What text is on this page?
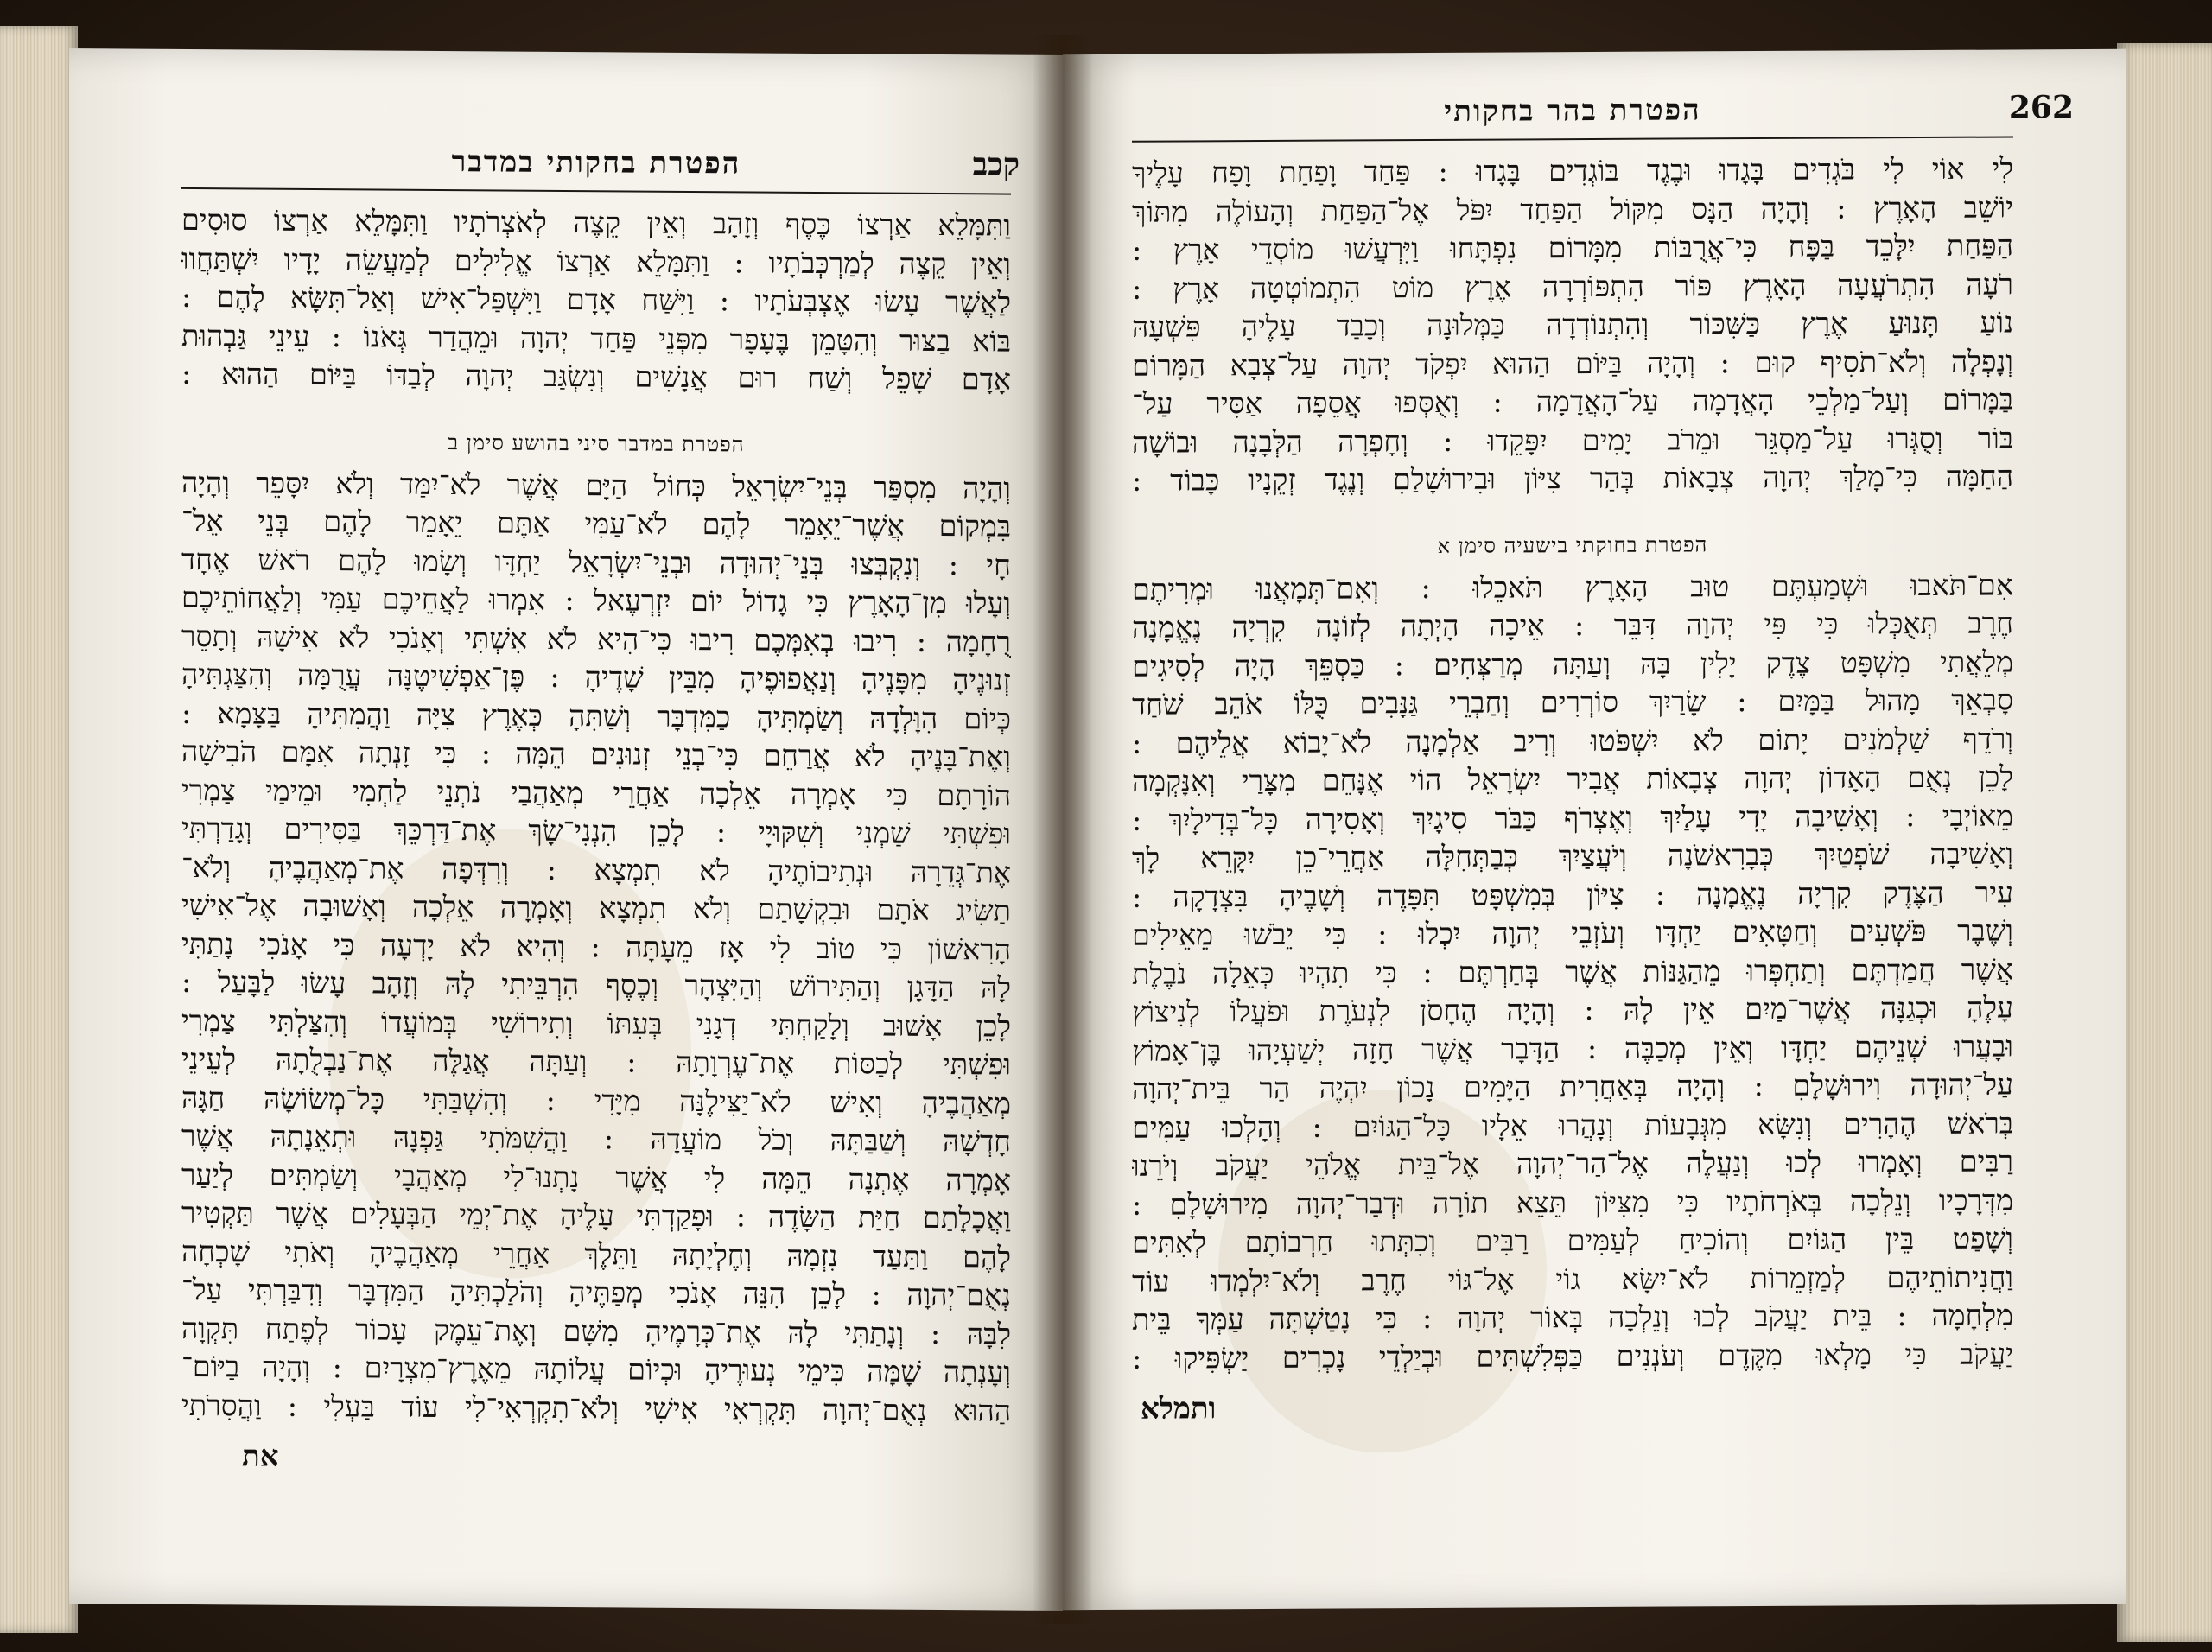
הפטרת בחקותי במדבר	קכב
וַתִּמָּלֵא אַרְצוֹ כֶּסֶף וְזָהָב וְאֵין קֵצֶה לְאֹצְרֹתָיו וַתִּמָּלֵא אַרְצוֹ סוּסִים
וְאֵין קֵצֶה לְמַרְכְּבֹתָיו : וַתִּמָּלֵא אַרְצוֹ אֱלִילִים לְמַעֲשֵׂה יָדָיו יִשְׁתַּחֲווּ
לַאֲשֶׁר עָשׂוּ אֶצְבְּעֹתָיו : וַיִּשַּׁח אָדָם וַיִּשְׁפַּל־אִישׁ וְאַל־תִּשָּׂא לָהֶם :
בּוֹא בַצּוּר וְהִטָּמֵן בֶּעָפָר מִפְּנֵי פַּחַד יְהוָה וּמֵהֲדַר גְּאֹנוֹ : עֵינֵי גַּבְהוּת
אָדָם שָׁפֵל וְשַׁח רוּם אֲנָשִׁים וְנִשְׂגַּב יְהוָה לְבַדּוֹ בַּיּוֹם הַהוּא :
הפטרת במדבר סיני בהושע סימן ב
וְהָיָה מִסְפַּר בְּנֵי־יִשְׂרָאֵל כְּחוֹל הַיָּם אֲשֶׁר לֹא־יִמַּד וְלֹא יִסָּפֵר וְהָיָה
בִּמְקוֹם אֲשֶׁר־יֵאָמֵר לָהֶם לֹא־עַמִּי אַתֶּם יֵאָמֵר לָהֶם בְּנֵי אֵל־
חָי : וְנִקְבְּצוּ בְּנֵי־יְהוּדָה וּבְנֵי־יִשְׂרָאֵל יַחְדָּו וְשָׂמוּ לָהֶם רֹאשׁ אֶחָד
וְעָלוּ מִן־הָאָרֶץ כִּי גָדוֹל יוֹם יִזְרְעֶאל : אִמְרוּ לַאֲחֵיכֶם עַמִּי וְלַאֲחוֹתֵיכֶם
רֻחָמָה : רִיבוּ בְאִמְּכֶם רִיבוּ כִּי־הִיא לֹא אִשְׁתִּי וְאָנֹכִי לֹא אִישָׁהּ וְתָסֵר
זְנוּנֶיהָ מִפָּנֶיהָ וְנַאֲפוּפֶיהָ מִבֵּין שָׁדֶיהָ : פֶּן־אַפְשִׁיטֶנָּה עֲרֻמָּה וְהִצַּגְתִּיהָ
כְּיוֹם הִוָּלְדָהּ וְשַׂמְתִּיהָ כַמִּדְבָּר וְשַׁתִּהָ כְּאֶרֶץ צִיָּה וַהֲמִתִּיהָ בַּצָּמָא :
וְאֶת־בָּנֶיהָ לֹא אֲרַחֵם כִּי־בְנֵי זְנוּנִים הֵמָּה : כִּי זָנְתָה אִמָּם הֹבִישָׁה
הוֹרָתָם כִּי אָמְרָה אֵלְכָה אַחֲרֵי מְאַהֲבַי נֹתְנֵי לַחְמִי וּמֵימַי צַמְרִי
וּפִשְׁתִּי שַׁמְנִי וְשִׁקּוּיָי : לָכֵן הִנְנִי־שָׂךְ אֶת־דַּרְכֵּךְ בַּסִּירִים וְגָדַרְתִּי
אֶת־גְּדֵרָהּ וּנְתִיבוֹתֶיהָ לֹא תִמְצָא : וְרִדְּפָה אֶת־מְאַהֲבֶיהָ וְלֹא־
תַשִּׂיג אֹתָם וּבִקְשָׁתַם וְלֹא תִמְצָא וְאָמְרָה אֵלְכָה וְאָשׁוּבָה אֶל־אִישִׁי
הָרִאשׁוֹן כִּי טוֹב לִי אָז מֵעָתָּה : וְהִיא לֹא יָדְעָה כִּי אָנֹכִי נָתַתִּי
לָהּ הַדָּגָן וְהַתִּירוֹשׁ וְהַיִּצְהָר וְכֶסֶף הִרְבֵּיתִי לָהּ וְזָהָב עָשׂוּ לַבָּעַל :
לָכֵן אָשׁוּב וְלָקַחְתִּי דְגָנִי בְּעִתּוֹ וְתִירוֹשִׁי בְּמוֹעֲדוֹ וְהִצַּלְתִּי צַמְרִי
וּפִשְׁתִּי לְכַסּוֹת אֶת־עֶרְוָתָהּ : וְעַתָּה אֲגַלֶּה אֶת־נַבְלֻתָהּ לְעֵינֵי
מְאַהֲבֶיהָ וְאִישׁ לֹא־יַצִּילֶנָּה מִיָּדִי : וְהִשְׁבַּתִּי כָּל־מְשׂוֹשָׂהּ חַגָּהּ
חָדְשָׁהּ וְשַׁבַּתָּהּ וְכֹל מוֹעֲדָהּ : וַהֲשִׁמֹּתִי גַּפְנָהּ וּתְאֵנָתָהּ אֲשֶׁר
אָמְרָה אֶתְנָה הֵמָּה לִי אֲשֶׁר נָתְנוּ־לִי מְאַהֲבָי וְשַׂמְתִּים לְיַעַר
וַאֲכָלָתַם חַיַּת הַשָּׂדֶה : וּפָקַדְתִּי עָלֶיהָ אֶת־יְמֵי הַבְּעָלִים אֲשֶׁר תַּקְטִיר
לָהֶם וַתַּעַד נִזְמָהּ וְחֶלְיָתָהּ וַתֵּלֶךְ אַחֲרֵי מְאַהֲבֶיהָ וְאֹתִי שָׁכְחָה
נְאֻם־יְהוָה : לָכֵן הִנֵּה אָנֹכִי מְפַתֶּיהָ וְהֹלַכְתִּיהָ הַמִּדְבָּר וְדִבַּרְתִּי עַל־
לִבָּהּ : וְנָתַתִּי לָהּ אֶת־כְּרָמֶיהָ מִשָּׁם וְאֶת־עֵמֶק עָכוֹר לְפֶתַח תִּקְוָה
וְעָנְתָה שָׁמָּה כִּימֵי נְעוּרֶיהָ וּכְיוֹם עֲלוֹתָהּ מֵאֶרֶץ־מִצְרָיִם : וְהָיָה בַיּוֹם־
הַהוּא נְאֻם־יְהוָה תִּקְרְאִי אִישִׁי וְלֹא־תִקְרְאִי־לִי עוֹד בַּעְלִי : וַהֲסִרֹתִי
את
הפטרת בהר בחקותי	262
לִי אוֹי לִי בֹּגְדִים בָּגָדוּ וּבֶגֶד בּוֹגְדִים בָּגָדוּ : פַּחַד וָפַחַת וָפָח עָלֶיךָ
יוֹשֵׁב הָאָרֶץ : וְהָיָה הַנָּס מִקּוֹל הַפַּחַד יִפֹּל אֶל־הַפַּחַת וְהָעוֹלֶה מִתּוֹךְ
הַפַּחַת יִלָּכֵד בַּפָּח כִּי־אֲרֻבּוֹת מִמָּרוֹם נִפְתָּחוּ וַיִּרְעֲשׁוּ מוֹסְדֵי אָרֶץ :
רֹעָה הִתְרֹעֲעָה הָאָרֶץ פּוֹר הִתְפּוֹרְרָה אֶרֶץ מוֹט הִתְמוֹטְטָה אָרֶץ :
נוֹעַ תָּנוּעַ אֶרֶץ כַּשִּׁכּוֹר וְהִתְנוֹדְדָה כַּמְּלוּנָה וְכָבַד עָלֶיהָ פִּשְׁעָהּ
וְנָפְלָה וְלֹא־תֹסִיף קוּם : וְהָיָה בַּיּוֹם הַהוּא יִפְקֹד יְהוָה עַל־צְבָא הַמָּרוֹם
בַּמָּרוֹם וְעַל־מַלְכֵי הָאֲדָמָה עַל־הָאֲדָמָה : וְאֻסְּפוּ אֲסֵפָה אַסִּיר עַל־
בּוֹר וְסֻגְּרוּ עַל־מַסְגֵּר וּמֵרֹב יָמִים יִפָּקֵדוּ : וְחָפְרָה הַלְּבָנָה וּבוֹשָׁה
הַחַמָּה כִּי־מָלַךְ יְהוָה צְבָאוֹת בְּהַר צִיּוֹן וּבִירוּשָׁלַםִ וְנֶגֶד זְקֵנָיו כָּבוֹד :
הפטרת בחוקתי בישעיה סימן א
אִם־תֹּאבוּ וּשְׁמַעְתֶּם טוּב הָאָרֶץ תֹּאכֵלוּ : וְאִם־תְּמָאֲנוּ וּמְרִיתֶם
חֶרֶב תְּאֻכְּלוּ כִּי פִּי יְהוָה דִּבֵּר : אֵיכָה הָיְתָה לְזוֹנָה קִרְיָה נֶאֱמָנָה
מְלֵאֲתִי מִשְׁפָּט צֶדֶק יָלִין בָּהּ וְעַתָּה מְרַצְּחִים : כַּסְפֵּךְ הָיָה לְסִיגִים
סָבְאֵךְ מָהוּל בַּמָּיִם : שָׂרַיִךְ סוֹרְרִים וְחַבְרֵי גַּנָּבִים כֻּלּוֹ אֹהֵב שֹׁחַד
וְרֹדֵף שַׁלְמֹנִים יָתוֹם לֹא יִשְׁפֹּטוּ וְרִיב אַלְמָנָה לֹא־יָבוֹא אֲלֵיהֶם :
לָכֵן נְאֻם הָאָדוֹן יְהוָה צְבָאוֹת אֲבִיר יִשְׂרָאֵל הוֹי אֶנָּחֵם מִצָּרַי וְאִנָּקְמָה
מֵאוֹיְבָי : וְאָשִׁיבָה יָדִי עָלַיִךְ וְאֶצְרֹף כַּבֹּר סִיגָיִךְ וְאָסִירָה כָּל־בְּדִילָיִךְ :
וְאָשִׁיבָה שֹׁפְטַיִךְ כְּבָרִאשֹׁנָה וְיֹעֲצַיִךְ כְּבַתְּחִלָּה אַחֲרֵי־כֵן יִקָּרֵא לָךְ
עִיר הַצֶּדֶק קִרְיָה נֶאֱמָנָה : צִיּוֹן בְּמִשְׁפָּט תִּפָּדֶה וְשָׁבֶיהָ בִּצְדָקָה :
וְשֶׁבֶר פֹּשְׁעִים וְחַטָּאִים יַחְדָּו וְעֹזְבֵי יְהוָה יִכְלוּ : כִּי יֵבֹשׁוּ מֵאֵילִים
אֲשֶׁר חֲמַדְתֶּם וְתַחְפְּרוּ מֵהַגַּנּוֹת אֲשֶׁר בְּחַרְתֶּם : כִּי תִהְיוּ כְּאֵלָה נֹבֶלֶת
עָלֶהָ וּכְגַנָּה אֲשֶׁר־מַיִם אֵין לָהּ : וְהָיָה הֶחָסֹן לִנְעֹרֶת וּפֹעֲלוֹ לְנִיצוֹץ
וּבָעֲרוּ שְׁנֵיהֶם יַחְדָּו וְאֵין מְכַבֶּה : הַדָּבָר אֲשֶׁר חָזָה יְשַׁעְיָהוּ בֶּן־אָמוֹץ
עַל־יְהוּדָה וִירוּשָׁלָםִ : וְהָיָה בְּאַחֲרִית הַיָּמִים נָכוֹן יִהְיֶה הַר בֵּית־יְהוָה
בְּרֹאשׁ הֶהָרִים וְנִשָּׂא מִגְּבָעוֹת וְנָהֲרוּ אֵלָיו כָּל־הַגּוֹיִם : וְהָלְכוּ עַמִּים
רַבִּים וְאָמְרוּ לְכוּ וְנַעֲלֶה אֶל־הַר־יְהוָה אֶל־בֵּית אֱלֹהֵי יַעֲקֹב וְיֹרֵנוּ
מִדְּרָכָיו וְנֵלְכָה בְּאֹרְחֹתָיו כִּי מִצִּיּוֹן תֵּצֵא תוֹרָה וּדְבַר־יְהוָה מִירוּשָׁלָםִ :
וְשָׁפַט בֵּין הַגּוֹיִם וְהוֹכִיחַ לְעַמִּים רַבִּים וְכִתְּתוּ חַרְבוֹתָם לְאִתִּים
וַחֲנִיתוֹתֵיהֶם לְמַזְמֵרוֹת לֹא־יִשָּׂא גוֹי אֶל־גּוֹי חֶרֶב וְלֹא־יִלְמְדוּ עוֹד
מִלְחָמָה : בֵּית יַעֲקֹב לְכוּ וְנֵלְכָה בְּאוֹר יְהוָה : כִּי נָטַשְׁתָּה עַמְּךָ בֵּית
יַעֲקֹב כִּי מָלְאוּ מִקֶּדֶם וְעֹנְנִים כַּפְּלִשְׁתִּים וּבְיַלְדֵי נָכְרִים יַשְׂפִּיקוּ :
ותמלא
